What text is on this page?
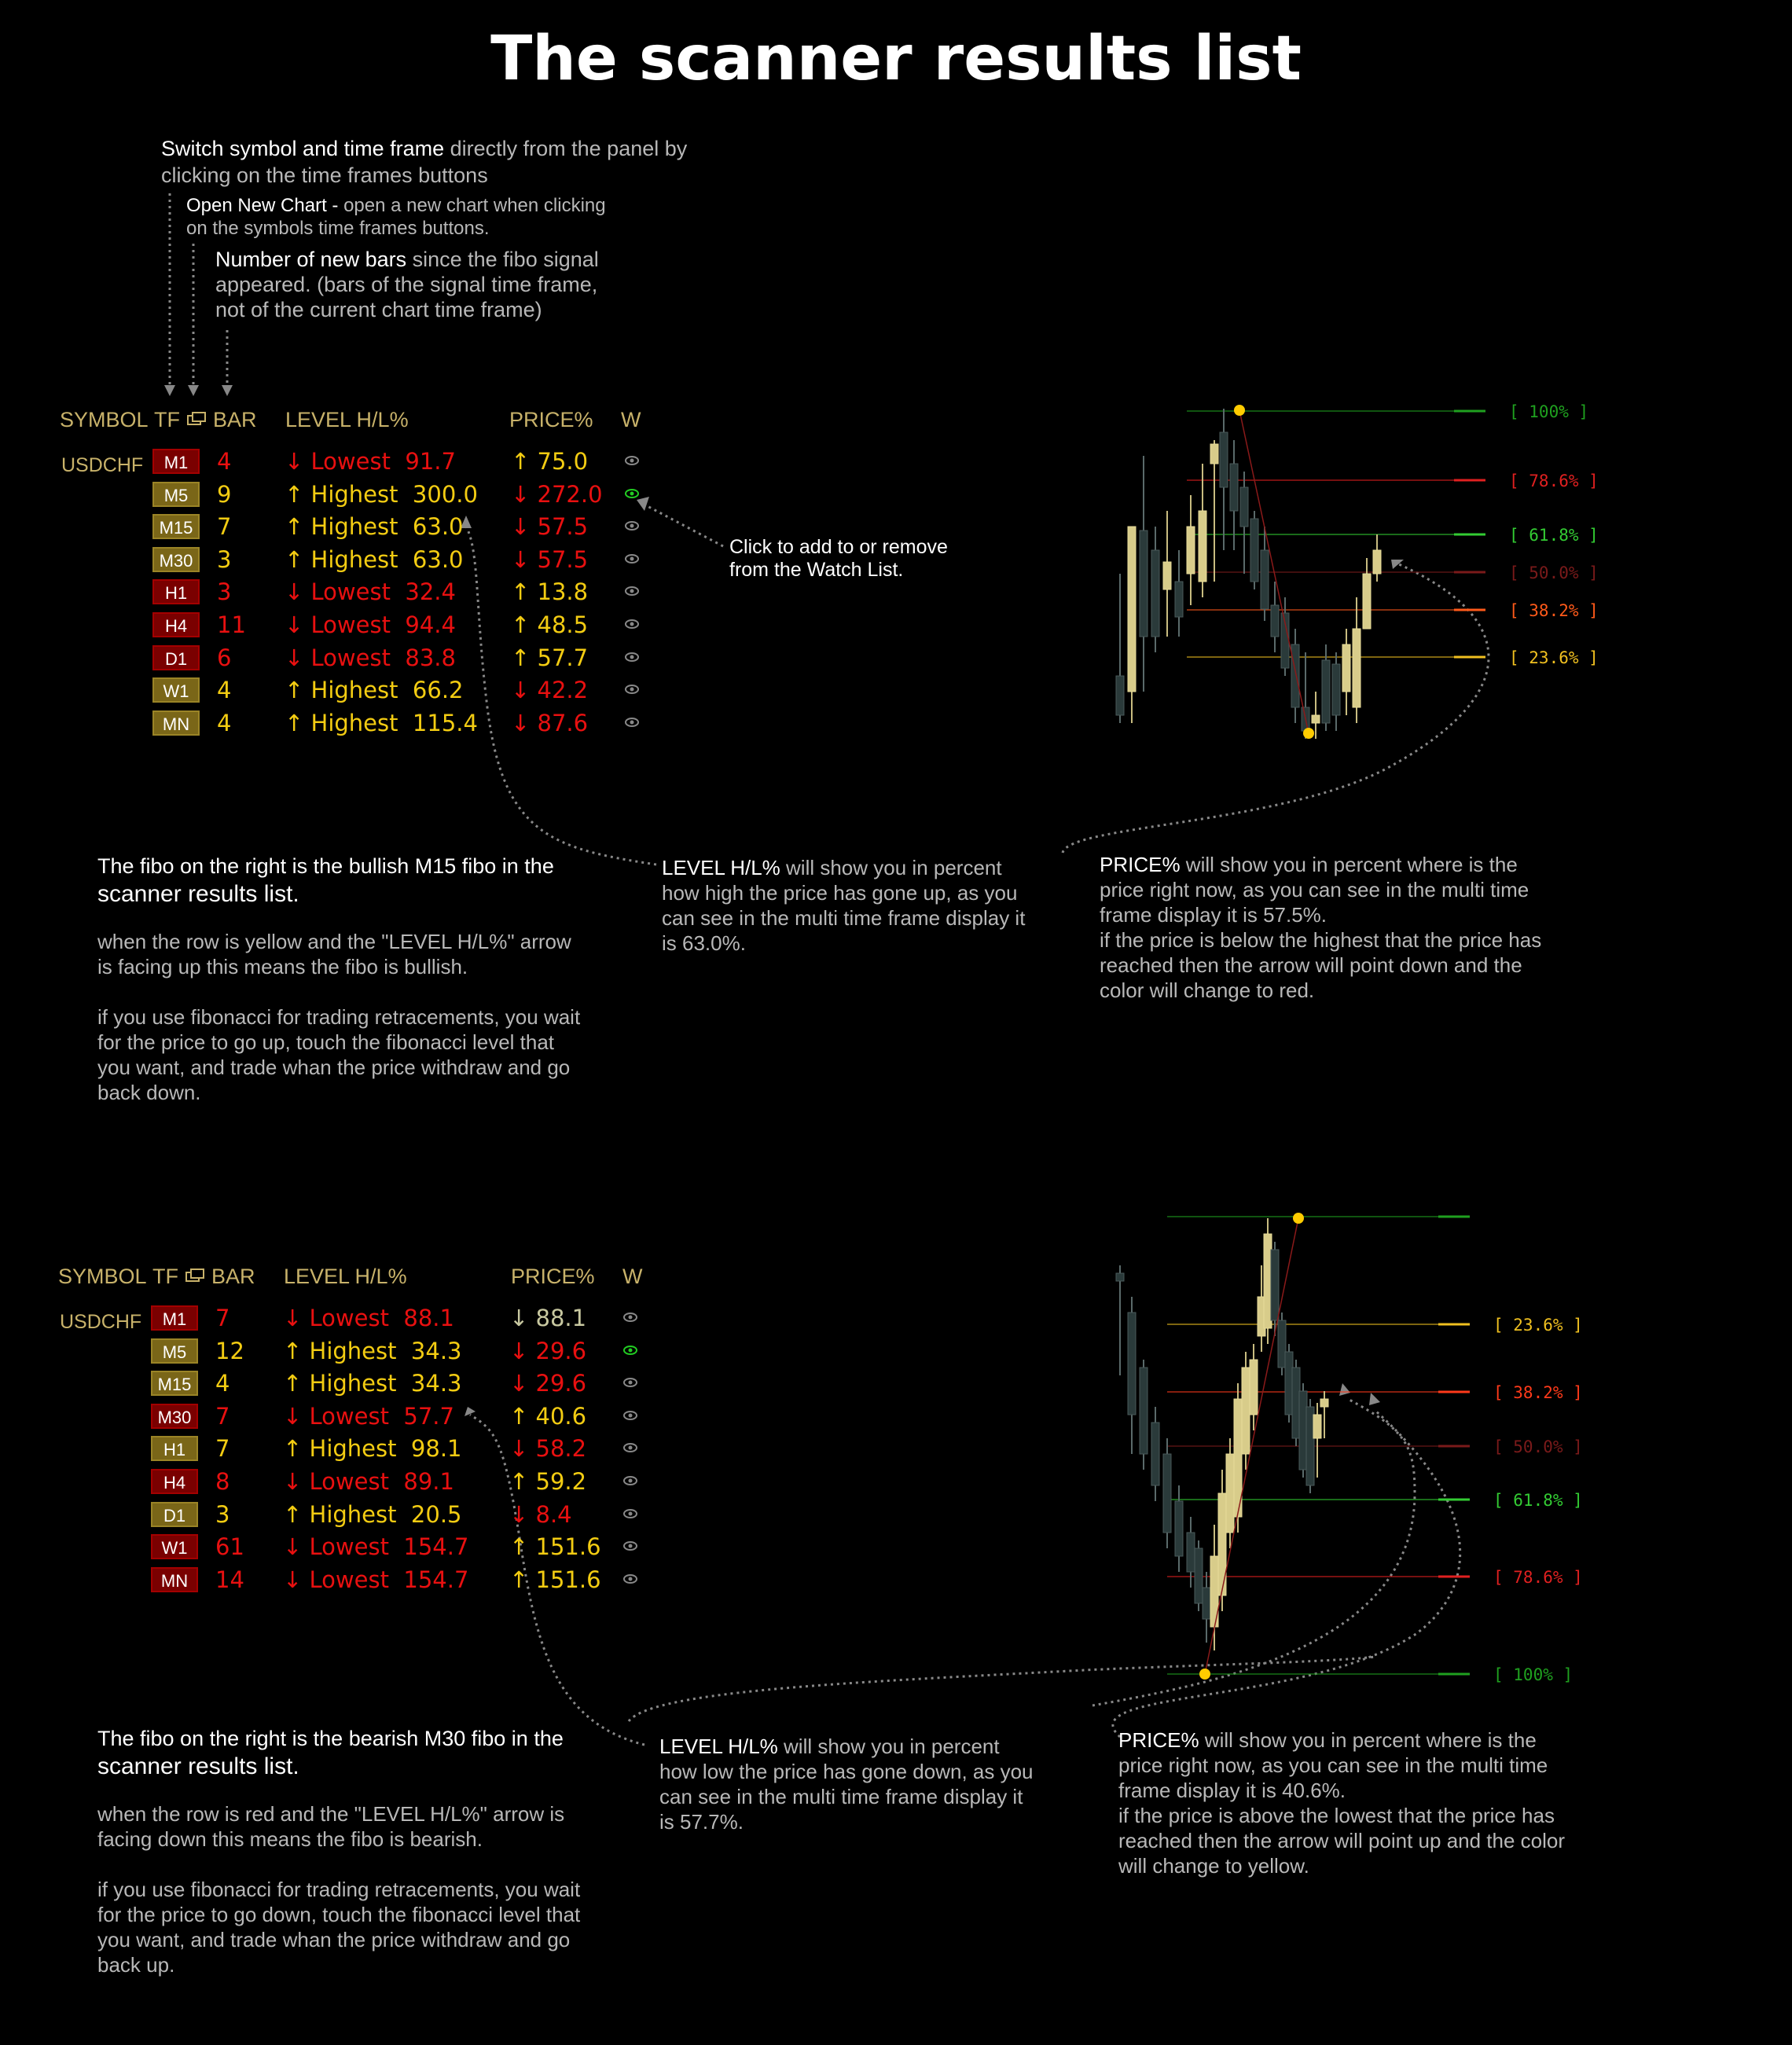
The scanner results list

Switch symbol and time frame directly from the panel by

clicking on the time frames buttons

Open New Chart - open a new chart when clicking

on the symbols time frames buttons.

Number of new bars since the fibo signal

appeared. (bars of the signal time frame,

not of the current chart time frame)

Click to add to or remove

from the Watch List.

SYMBOL TF	BAR LEVEL H/L%	PRICE% W
USDCHF	M1	4 ↓ Lowest  91.7 ↑ 75.0
M5	9 ↑ Highest  300.0 ↓ 272.0
M15 7 ↑ Highest  63.0 ↓ 57.5
M30 3 ↑ Highest  63.0 ↓ 57.5
H1	3 ↓ Lowest  32.4 ↑ 13.8
H4	11 ↓ Lowest  94.4 ↑ 48.5
D1	6 ↓ Lowest  83.8 ↑ 57.7
W1	4 ↑ Highest  66.2 ↓ 42.2
MN	4 ↑ Highest  115.4 ↓ 87.6
SYMBOL TF	BAR LEVEL H/L%	PRICE% W
USDCHF	M1	7 ↓ Lowest  88.1 ↓ 88.1
M5	12 ↑ Highest  34.3 ↓ 29.6
M15 4 ↑ Highest  34.3 ↓ 29.6
M30 7 ↓ Lowest  57.7 ↑ 40.6
H1	7 ↑ Highest  98.1 ↓ 58.2
H4	8 ↓ Lowest  89.1 ↑ 59.2
D1	3 ↑ Highest  20.5 ↓ 8.4
W1	61 ↓ Lowest  154.7 ↑ 151.6
MN	14 ↓ Lowest  154.7 ↑ 151.6
[ 100% ]
[ 78.6% ]
[ 61.8% ]
[ 50.0% ]
[ 38.2% ]
[ 23.6% ]
[ 23.6% ]
[ 38.2% ]
[ 50.0% ]
[ 61.8% ]
[ 78.6% ]
[ 100% ]

The fibo on the right is the bullish M15 fibo in the

scanner results list.

when the row is yellow and the "LEVEL H/L%" arrow

is facing up this means the fibo is bullish.

if you use fibonacci for trading retracements, you wait

for the price to go up, touch the fibonacci level that

you want, and trade whan the price withdraw and go

back down.

LEVEL H/L% will show you in percent

how high the price has gone up, as you

can see in the multi time frame display it

is 63.0%.

PRICE% will show you in percent where is the

price right now, as you can see in the multi time

frame display it is 57.5%.

if the price is below the highest that the price has

reached then the arrow will point down and the

color will change to red.

The fibo on the right is the bearish M30 fibo in the

scanner results list.

when the row is red and the "LEVEL H/L%" arrow is

facing down this means the fibo is bearish.

if you use fibonacci for trading retracements, you wait

for the price to go down, touch the fibonacci level that

you want, and trade whan the price withdraw and go

back up.

LEVEL H/L% will show you in percent

how low the price has gone down, as you

can see in the multi time frame display it

is 57.7%.

PRICE% will show you in percent where is the

price right now, as you can see in the multi time

frame display it is 40.6%.

if the price is above the lowest that the price has

reached then the arrow will point up and the color

will change to yellow.
